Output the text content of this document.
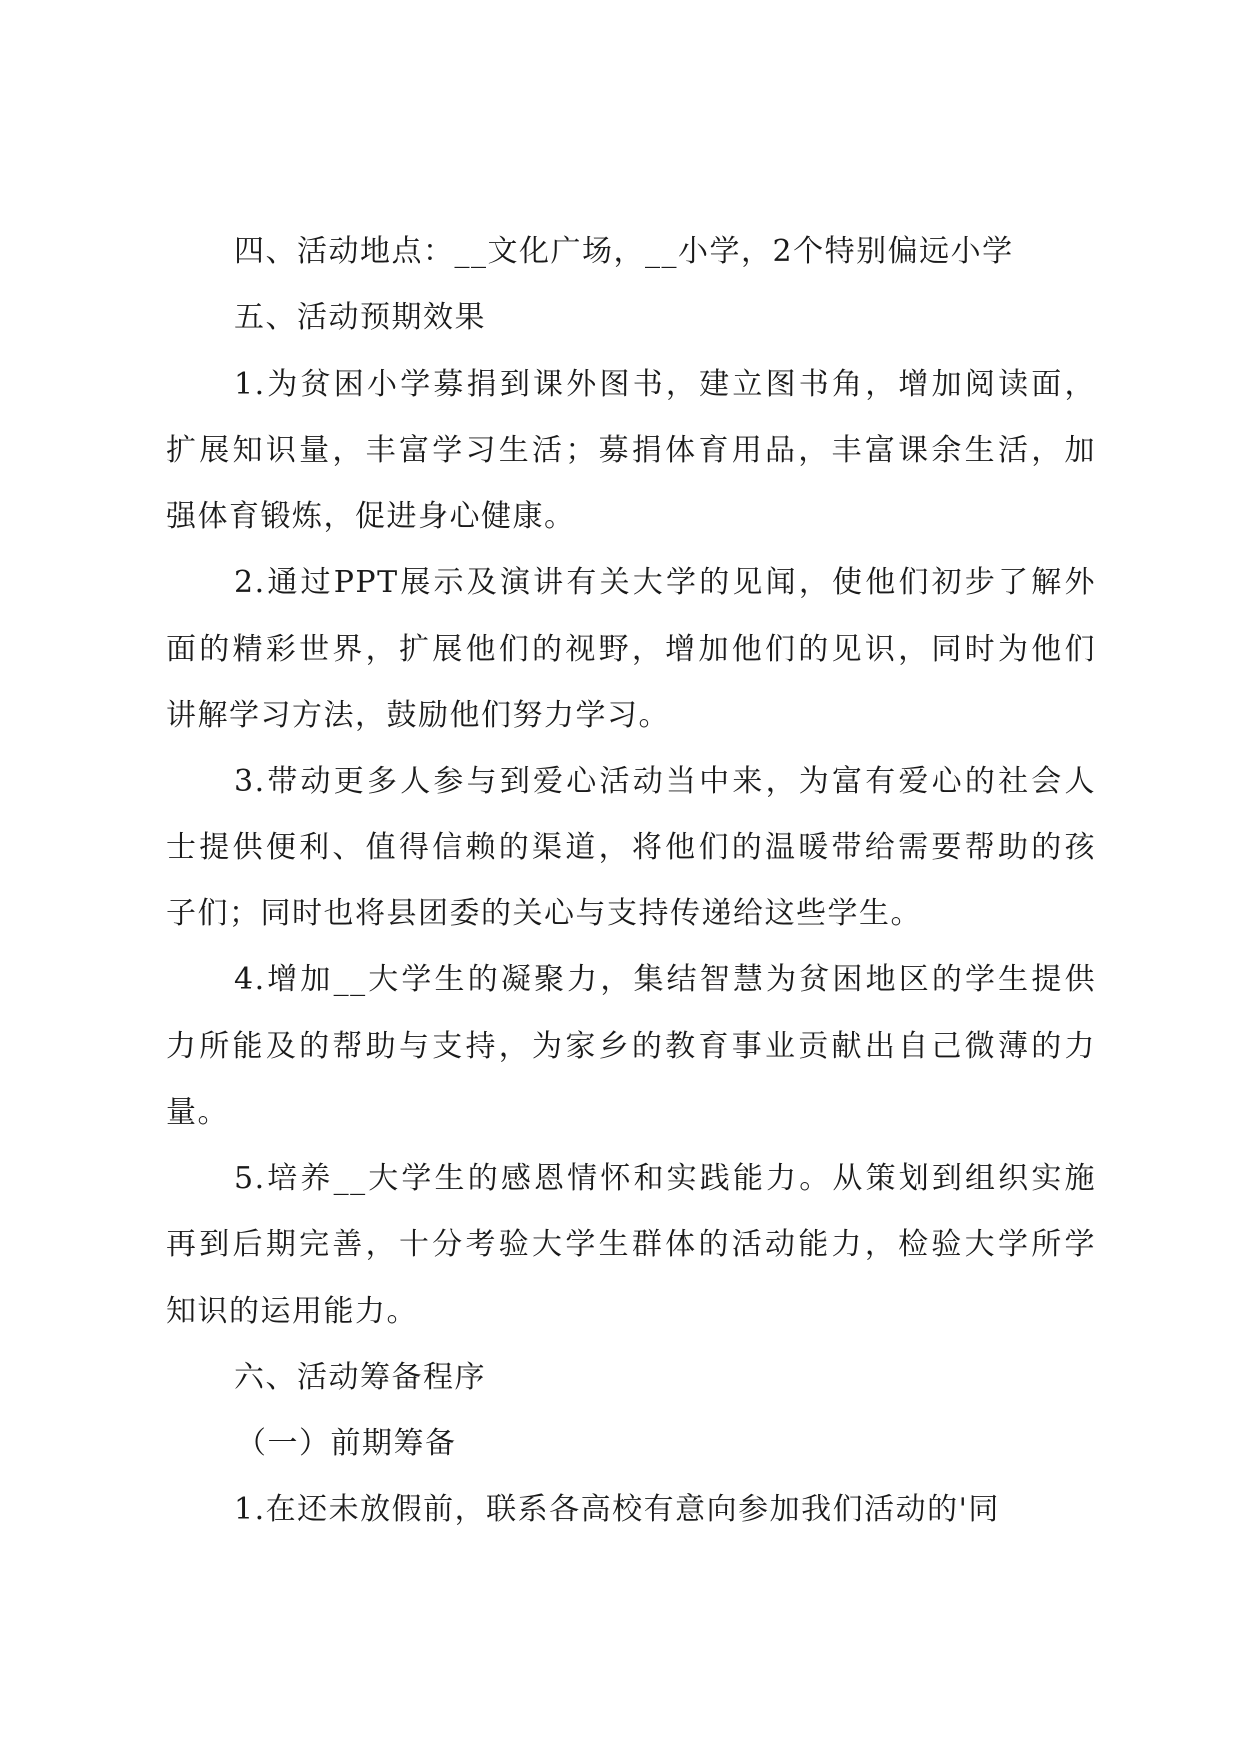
四、活动地点：__文化广场，__小学，2个特别偏远小学
五、活动预期效果
1.为贫困小学募捐到课外图书，建立图书角，增加阅读面，
扩展知识量，丰富学习生活；募捐体育用品，丰富课余生活，加
强体育锻炼，促进身心健康。
2.通过PPT展示及演讲有关大学的见闻，使他们初步了解外
面的精彩世界，扩展他们的视野，增加他们的见识，同时为他们
讲解学习方法，鼓励他们努力学习。
3.带动更多人参与到爱心活动当中来，为富有爱心的社会人
士提供便利、值得信赖的渠道，将他们的温暖带给需要帮助的孩
子们；同时也将县团委的关心与支持传递给这些学生。
4.增加__大学生的凝聚力，集结智慧为贫困地区的学生提供
力所能及的帮助与支持，为家乡的教育事业贡献出自己微薄的力
量。
5.培养__大学生的感恩情怀和实践能力。从策划到组织实施
再到后期完善，十分考验大学生群体的活动能力，检验大学所学
知识的运用能力。
六、活动筹备程序
（一）前期筹备
1.在还未放假前，联系各高校有意向参加我们活动的'同
